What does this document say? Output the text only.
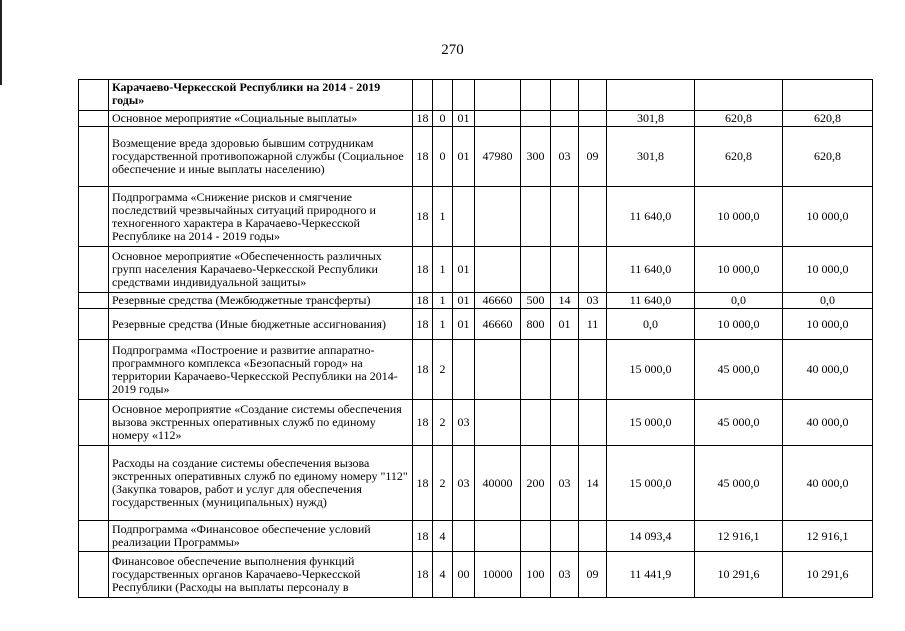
270
	Карачаево-Черкесской Республики на 2014 - 2019 годы»										
	Основное мероприятие «Социальные выплаты»	18	0	01					301,8	620,8	620,8
	Возмещение вреда здоровью бывшим сотрудникам государственной противопожарной службы (Социальное обеспечение и иные выплаты населению)	18	0	01	47980	300	03	09	301,8	620,8	620,8
	Подпрограмма «Снижение рисков и смягчение последствий чрезвычайных ситуаций природного и техногенного характера в Карачаево-Черкесской Республике на 2014 - 2019 годы»	18	1						11 640,0	10 000,0	10 000,0
	Основное мероприятие «Обеспеченность различных групп населения Карачаево-Черкесской Республики средствами индивидуальной защиты»	18	1	01					11 640,0	10 000,0	10 000,0
	Резервные средства (Межбюджетные трансферты)	18	1	01	46660	500	14	03	11 640,0	0,0	0,0
	Резервные средства (Иные бюджетные ассигнования)	18	1	01	46660	800	01	11	0,0	10 000,0	10 000,0
	Подпрограмма «Построение и развитие аппаратно-программного комплекса «Безопасный город» на территории Карачаево-Черкесской Республики на 2014-2019 годы»	18	2						15 000,0	45 000,0	40 000,0
	Основное мероприятие «Создание системы обеспечения вызова экстренных оперативных служб по единому номеру «112»	18	2	03					15 000,0	45 000,0	40 000,0
	Расходы на создание системы обеспечения вызова экстренных оперативных служб по единому номеру "112" (Закупка товаров, работ и услуг для обеспечения государственных (муниципальных) нужд)	18	2	03	40000	200	03	14	15 000,0	45 000,0	40 000,0
	Подпрограмма «Финансовое обеспечение условий реализации Программы»	18	4						14 093,4	12 916,1	12 916,1
	Финансовое обеспечение выполнения функций государственных органов Карачаево-Черкесской Республики (Расходы на выплаты персоналу в	18	4	00	10000	100	03	09	11 441,9	10 291,6	10 291,6
